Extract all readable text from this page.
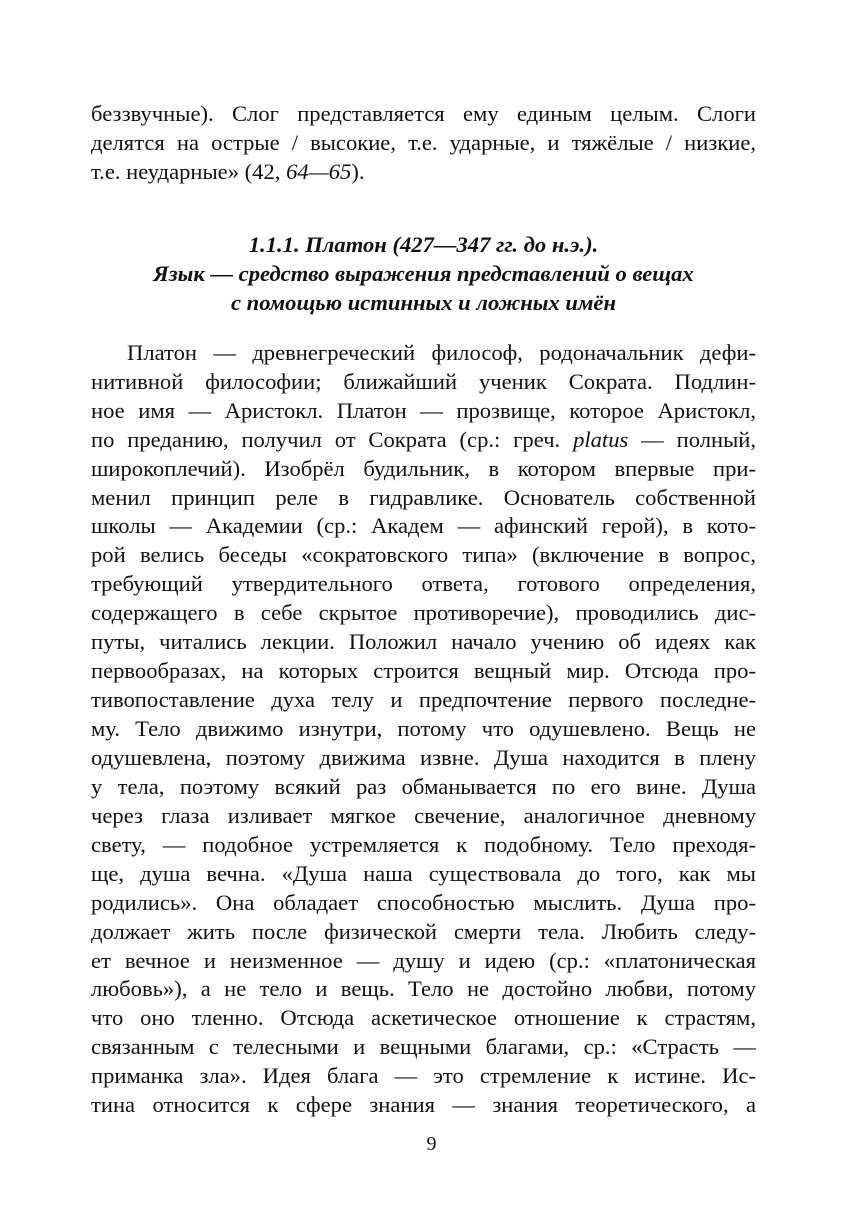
беззвучные). Слог представляется ему единым целым. Слоги
делятся на острые / высокие, т.е. ударные, и тяжёлые / низкие,
т.е. неударные» (42, 64—65).
1.1.1. Платон (427—347 гг. до н.э.).
Язык — средство выражения представлений о вещах
с помощью истинных и ложных имён
Платон — древнегреческий философ, родоначальник дефи-
нитивной философии; ближайший ученик Сократа. Подлин-
ное имя — Аристокл. Платон — прозвище, которое Аристокл,
по преданию, получил от Сократа (ср.: греч. platus — полный,
широкоплечий). Изобрёл будильник, в котором впервые при-
менил принцип реле в гидравлике. Основатель собственной
школы — Академии (ср.: Академ — афинский герой), в кото-
рой велись беседы «сократовского типа» (включение в вопрос,
требующий утвердительного ответа, готового определения,
содержащего в себе скрытое противоречие), проводились дис-
путы, читались лекции. Положил начало учению об идеях как
первообразах, на которых строится вещный мир. Отсюда про-
тивопоставление духа телу и предпочтение первого последне-
му. Тело движимо изнутри, потому что одушевлено. Вещь не
одушевлена, поэтому движима извне. Душа находится в плену
у тела, поэтому всякий раз обманывается по его вине. Душа
через глаза изливает мягкое свечение, аналогичное дневному
свету, — подобное устремляется к подобному. Тело преходя-
ще, душа вечна. «Душа наша существовала до того, как мы
родились». Она обладает способностью мыслить. Душа про-
должает жить после физической смерти тела. Любить следу-
ет вечное и неизменное — душу и идею (ср.: «платоническая
любовь»), а не тело и вещь. Тело не достойно любви, потому
что оно тленно. Отсюда аскетическое отношение к страстям,
связанным с телесными и вещными благами, ср.: «Страсть —
приманка зла». Идея блага — это стремление к истине. Ис-
тина относится к сфере знания — знания теоретического, а
9
